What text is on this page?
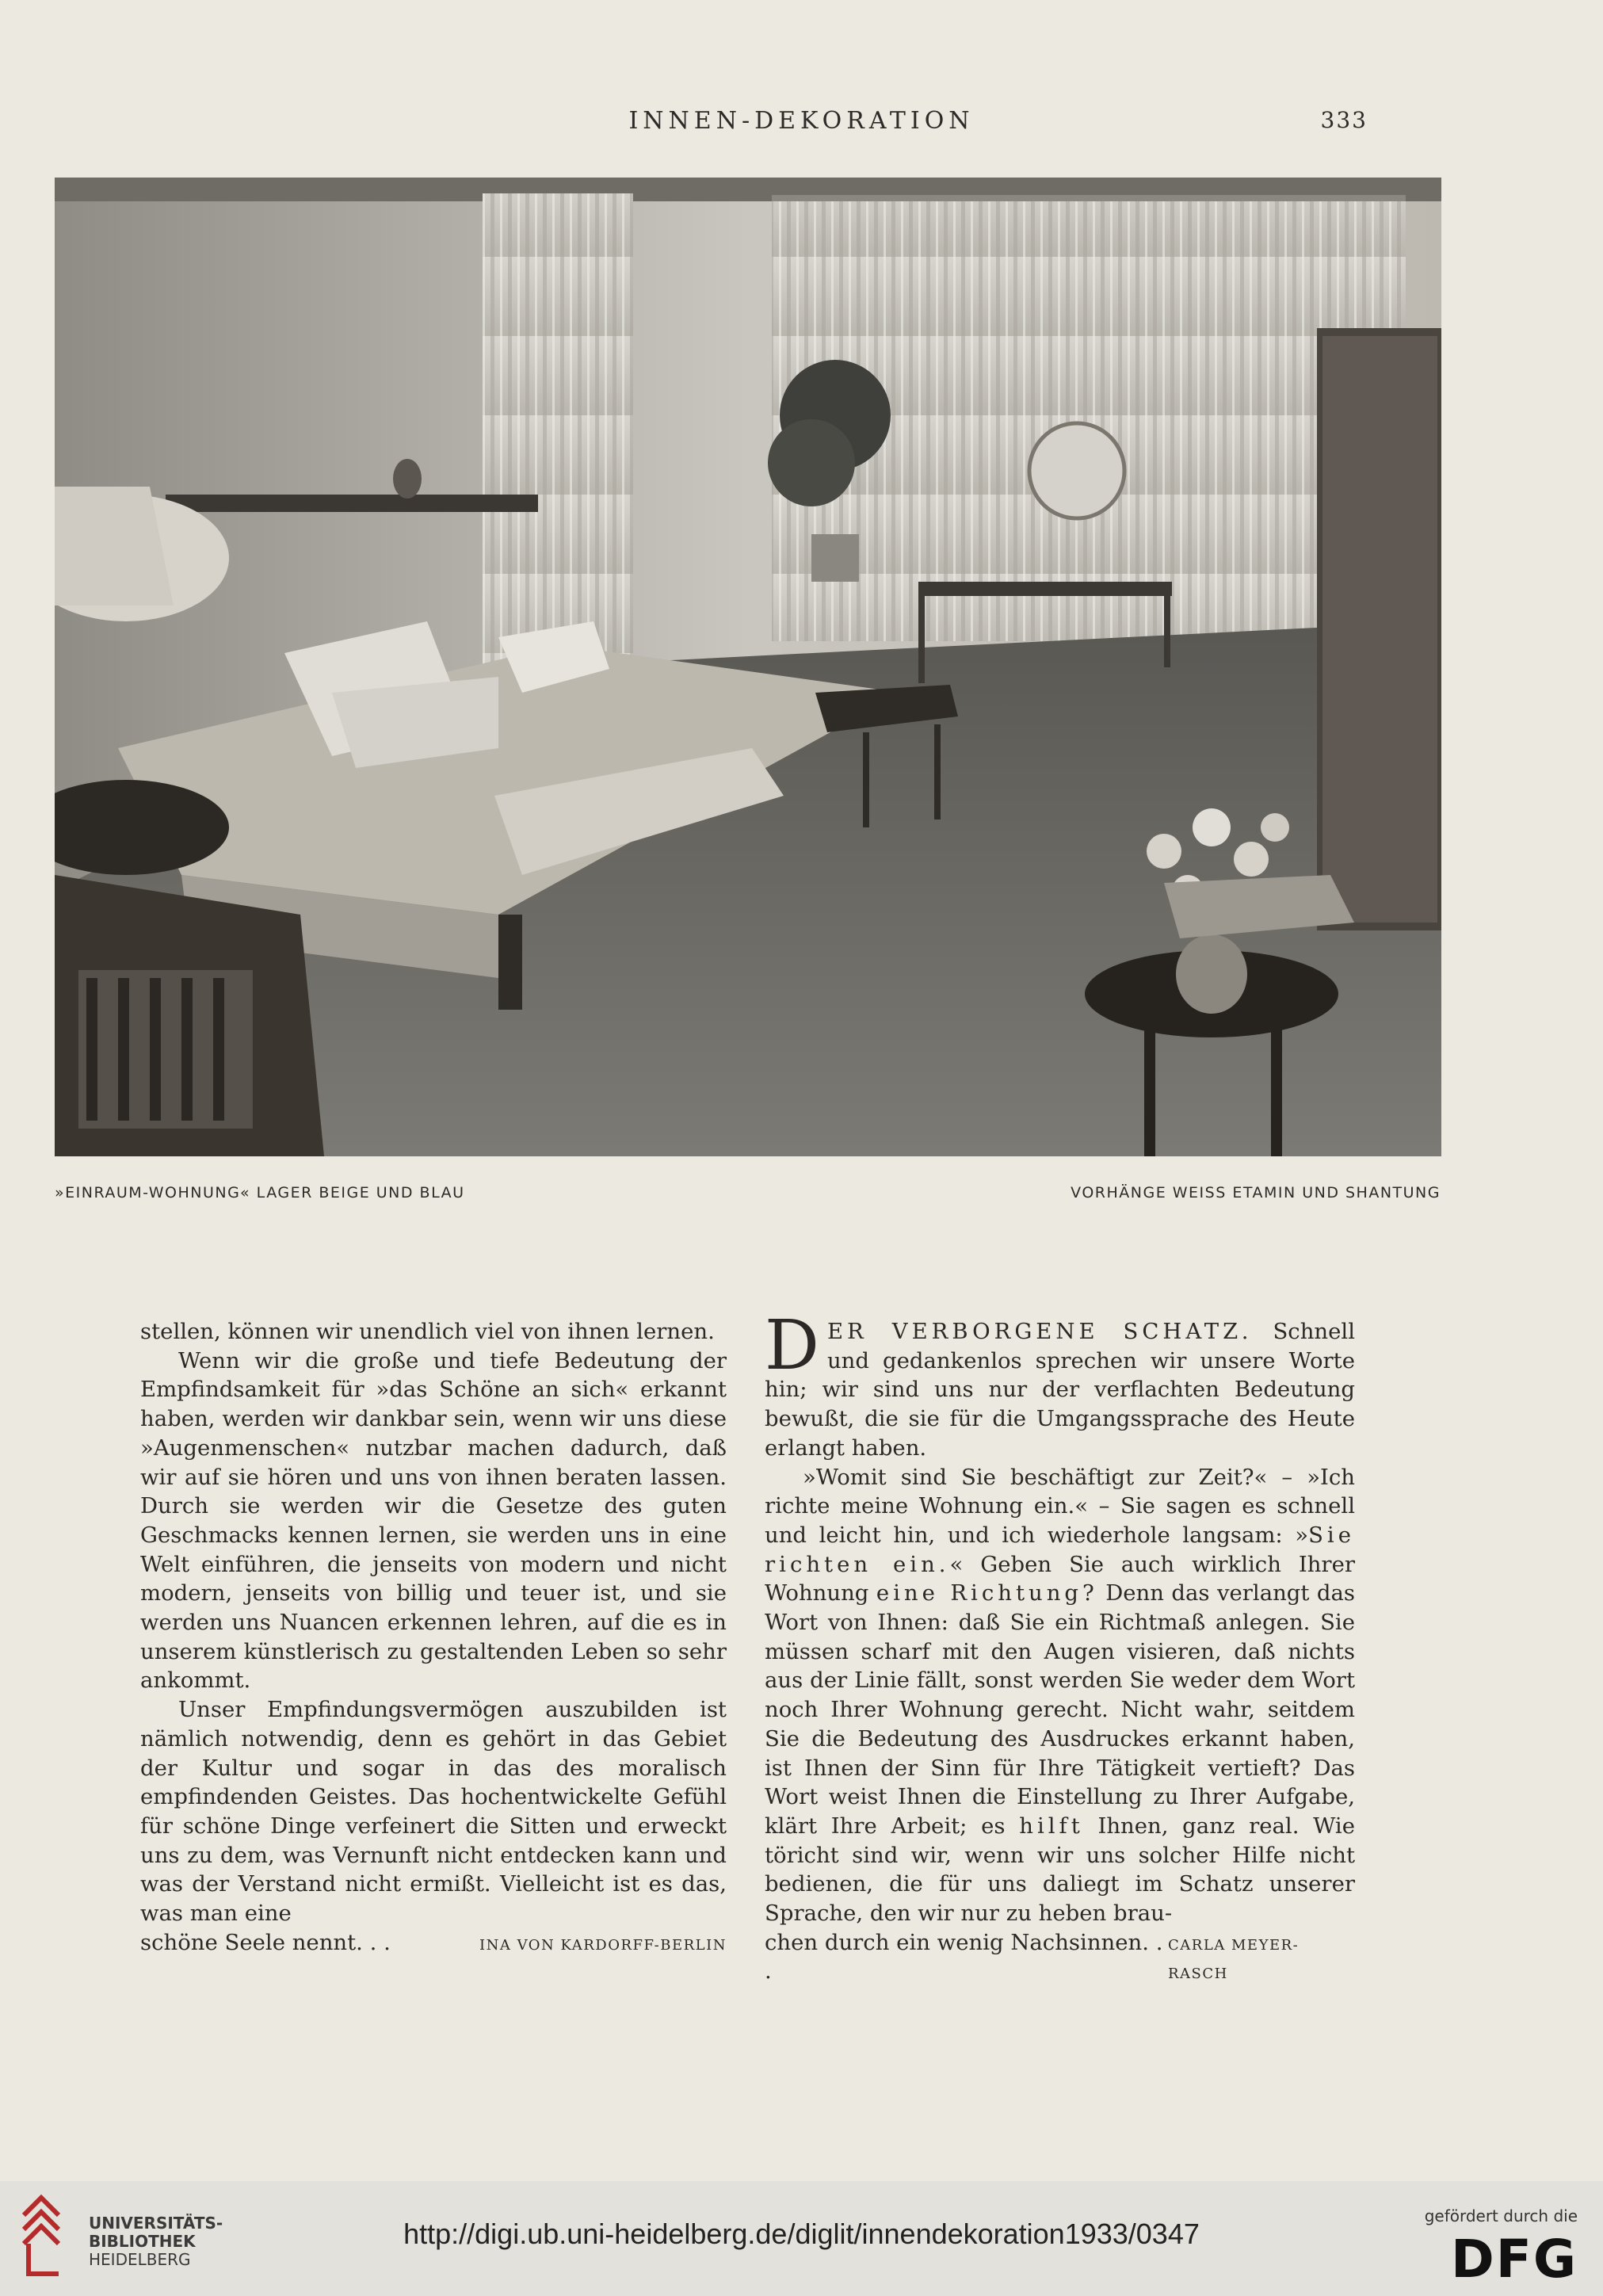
INNEN-DEKORATION	333
»EINRAUM-WOHNUNG« LAGER BEIGE UND BLAU	VORHÄNGE WEISS ETAMIN UND SHANTUNG

stellen, können wir unendlich viel von ihnen lernen.

Wenn wir die große und tiefe Bedeutung der Empfindsamkeit für »das Schöne an sich« erkannt haben, werden wir dankbar sein, wenn wir uns diese »Augenmenschen« nutzbar machen dadurch, daß wir auf sie hören und uns von ihnen beraten lassen. Durch sie werden wir die Gesetze des guten Geschmacks kennen lernen, sie werden uns in eine Welt einführen, die jenseits von modern und nicht modern, jenseits von billig und teuer ist, und sie werden uns Nuancen erkennen lehren, auf die es in unserem künstlerisch zu gestaltenden Leben so sehr ankommt.

Unser Empfindungsvermögen auszubilden ist nämlich notwendig, denn es gehört in das Gebiet der Kultur und sogar in das des moralisch empfindenden Geistes. Das hochentwickelte Gefühl für schöne Dinge verfeinert die Sitten und erweckt uns zu dem, was Vernunft nicht entdecken kann und was der Verstand nicht ermißt. Vielleicht ist es das, was man eine

schöne Seele nennt. . .	INA VON KARDORFF-BERLIN

DER VERBORGENE SCHATZ. Schnell und gedankenlos sprechen wir unsere Worte hin; wir sind uns nur der verflachten Bedeutung bewußt, die sie für die Umgangssprache des Heute erlangt haben.

»Womit sind Sie beschäftigt zur Zeit?« – »Ich richte meine Wohnung ein.« – Sie sagen es schnell und leicht hin, und ich wiederhole langsam: »Sie richten ein.« Geben Sie auch wirklich Ihrer Wohnung eine Richtung? Denn das verlangt das Wort von Ihnen: daß Sie ein Richtmaß anlegen. Sie müssen scharf mit den Augen visieren, daß nichts aus der Linie fällt, sonst werden Sie weder dem Wort noch Ihrer Wohnung gerecht. Nicht wahr, seitdem Sie die Bedeutung des Ausdruckes erkannt haben, ist Ihnen der Sinn für Ihre Tätigkeit vertieft? Das Wort weist Ihnen die Einstellung zu Ihrer Aufgabe, klärt Ihre Arbeit; es hilft Ihnen, ganz real. Wie töricht sind wir, wenn wir uns solcher Hilfe nicht bedienen, die für uns daliegt im Schatz unserer Sprache, den wir nur zu heben brau-

chen durch ein wenig Nachsinnen. . .
CARLA MEYER-RASCH
UNIVERSITÄTS-
BIBLIOTHEK
HEIDELBERG
http://digi.ub.uni-heidelberg.de/diglit/innendekoration1933/0347
gefördert durch die
DFG
